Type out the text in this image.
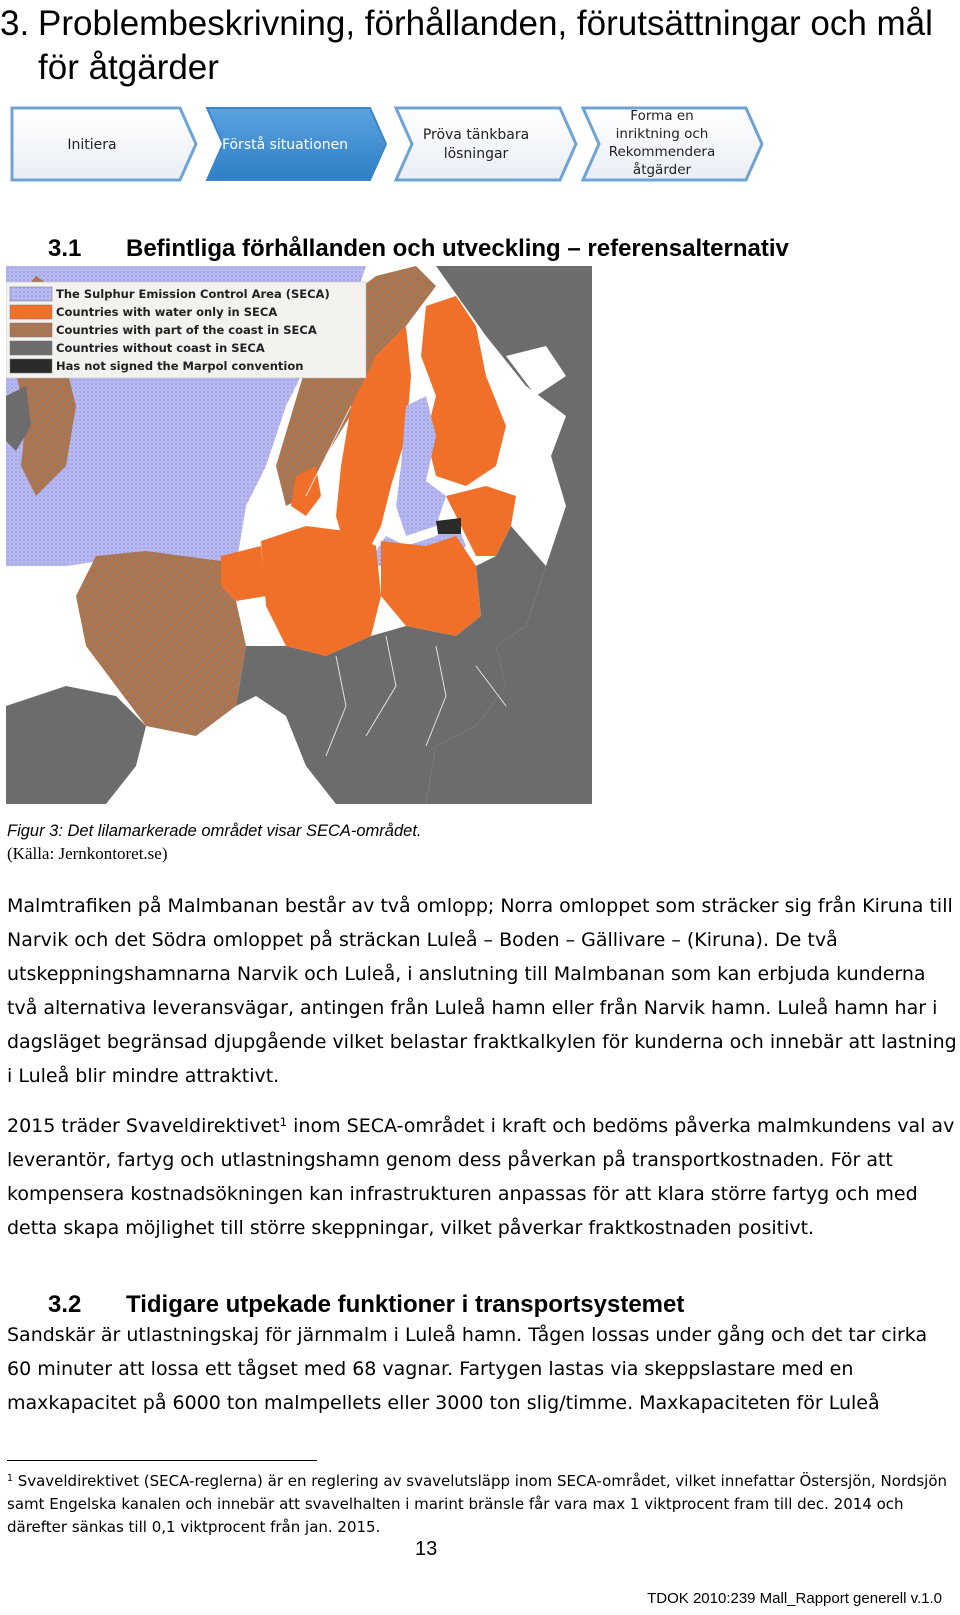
3. Problembeskrivning, förhållanden, förutsättningar och mål för åtgärder
Initiera	Förstå situationen
Pröva tänkbara
lösningar
Forma en
inriktning och
Rekommendera
åtgärder
3.1 Befintliga förhållanden och utveckling – referensalternativ
The Sulphur Emission Control Area (SECA)
Countries with water only in SECA
Countries with part of the coast in SECA
Countries without coast in SECA
Has not signed the Marpol convention
Figur 3: Det lilamarkerade området visar SECA-området.
(Källa: Jernkontoret.se)

Malmtrafiken på Malmbanan består av två omlopp; Norra omloppet som sträcker sig från Kiruna till Narvik och det Södra omloppet på sträckan Luleå – Boden – Gällivare – (Kiruna). De två utskeppningshamnarna Narvik och Luleå, i anslutning till Malmbanan som kan erbjuda kunderna två alternativa leveransvägar, antingen från Luleå hamn eller från Narvik hamn. Luleå hamn har i dagsläget begränsad djupgående vilket belastar fraktkalkylen för kunderna och innebär att lastning i Luleå blir mindre attraktivt.

2015 träder Svaveldirektivet$^1$ inom SECA-området i kraft och bedöms påverka malmkundens val av leverantör, fartyg och utlastningshamn genom dess påverkan på transportkostnaden. För att kompensera kostnadsökningen kan infrastrukturen anpassas för att klara större fartyg och med detta skapa möjlighet till större skeppningar, vilket påverkar fraktkostnaden positivt.

3.2 Tidigare utpekade funktioner i transportsystemet

Sandskär är utlastningskaj för järnmalm i Luleå hamn. Tågen lossas under gång och det tar cirka 60 minuter att lossa ett tågset med 68 vagnar. Fartygen lastas via skeppslastare med en maxkapacitet på 6000 ton malmpellets eller 3000 ton slig/timme. Maxkapaciteten för Luleå

$^1$ Svaveldirektivet (SECA-reglerna) är en reglering av svavelutsläpp inom SECA-området, vilket innefattar Östersjön, Nordsjön samt Engelska kanalen och innebär att svavelhalten i marint bränsle får vara max 1 viktprocent fram till dec. 2014 och därefter sänkas till 0,1 viktprocent från jan. 2015.
13
TDOK 2010:239 Mall_Rapport generell v.1.0
